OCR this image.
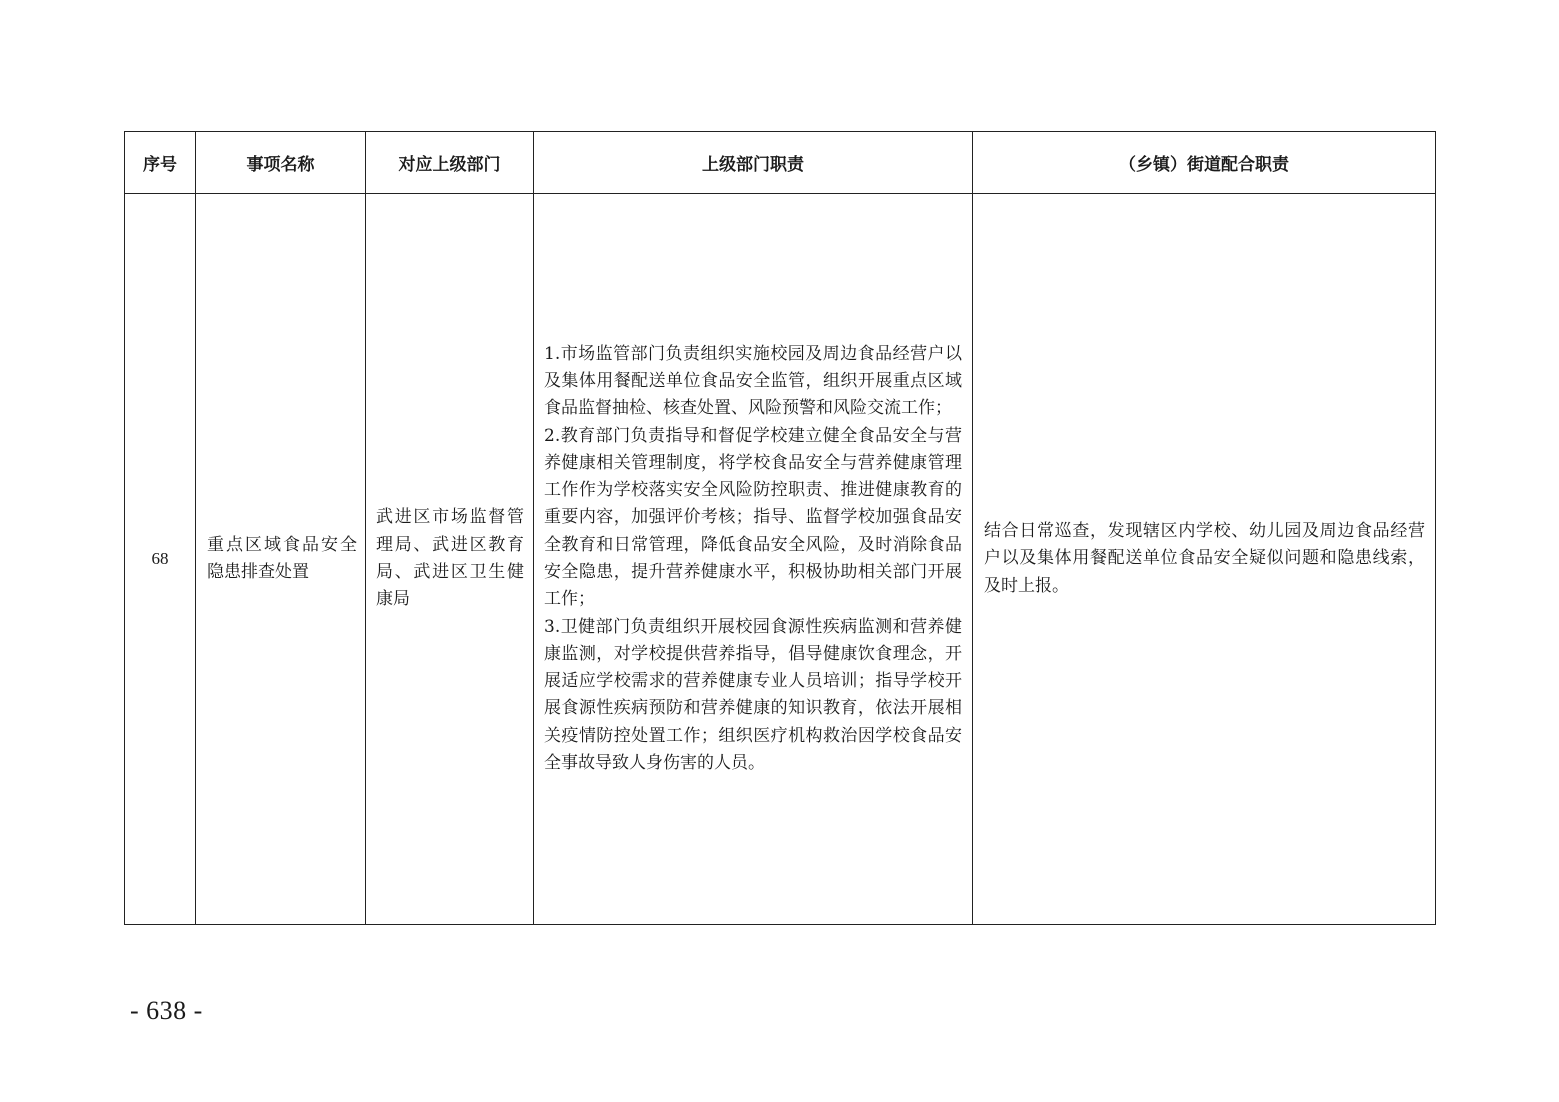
序号	事项名称	对应上级部门	上级部门职责	（乡镇）街道配合职责
68	重点区域食品安全隐患排查处置	武进区市场监督管理局、武进区教育局、武进区卫生健康局	1.市场监管部门负责组织实施校园及周边食品经营户以及集体用餐配送单位食品安全监管，组织开展重点区域食品监督抽检、核查处置、风险预警和风险交流工作；

2.教育部门负责指导和督促学校建立健全食品安全与营养健康相关管理制度，将学校食品安全与营养健康管理工作作为学校落实安全风险防控职责、推进健康教育的重要内容，加强评价考核；指导、监督学校加强食品安全教育和日常管理，降低食品安全风险，及时消除食品安全隐患，提升营养健康水平，积极协助相关部门开展工作；

3.卫健部门负责组织开展校园食源性疾病监测和营养健康监测，对学校提供营养指导，倡导健康饮食理念，开展适应学校需求的营养健康专业人员培训；指导学校开展食源性疾病预防和营养健康的知识教育，依法开展相关疫情防控处置工作；组织医疗机构救治因学校食品安全事故导致人身伤害的人员。	结合日常巡查，发现辖区内学校、幼儿园及周边食品经营户以及集体用餐配送单位食品安全疑似问题和隐患线索，及时上报。
- 638 -
